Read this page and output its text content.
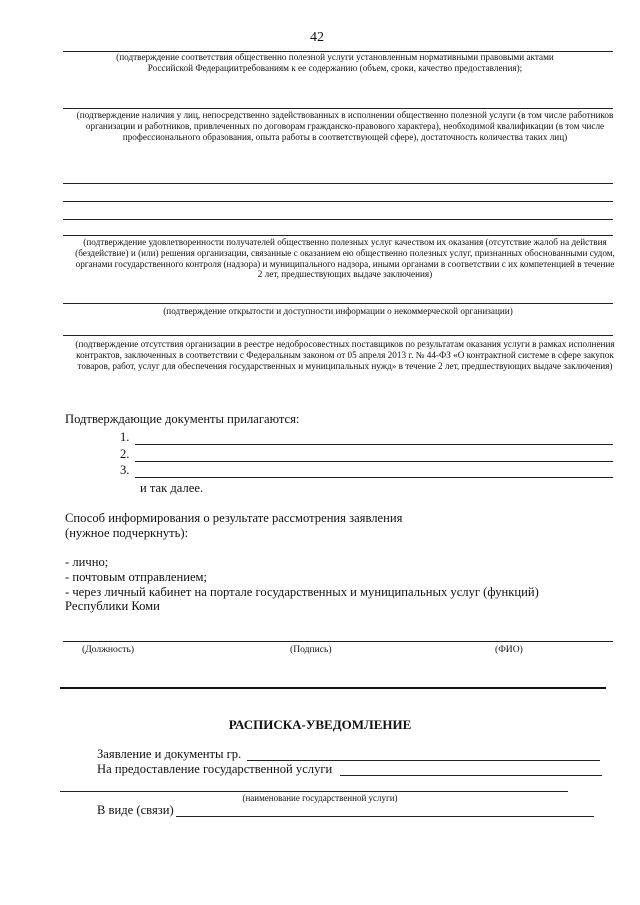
42
(подтверждение соответствия общественно полезной услуги установленным нормативными правовыми актами Российской Федерациитребованиям к ее содержанию (объем, сроки, качество предоставления);
(подтверждение наличия у лиц, непосредственно задействованных в исполнении общественно полезной услуги (в том числе работников организации и работников, привлеченных по договорам гражданско-правового характера), необходимой квалификации (в том числе профессионального образования, опыта работы в соответствующей сфере), достаточность количества таких лиц)
(подтверждение удовлетворенности получателей общественно полезных услуг качеством их оказания (отсутствие жалоб на действия (бездействие) и (или) решения организации, связанные с оказанием ею общественно полезных услуг, признанных обоснованными судом, органами государственного контроля (надзора) и муниципального надзора, иными органами в соответствии с их компетенцией в течение 2 лет, предшествующих выдаче заключения)
(подтверждение открытости и доступности информации о некоммерческой организации)
(подтверждение отсутствия организации в реестре недобросовестных поставщиков по результатам оказания услуги в рамках исполнения контрактов, заключенных в соответствии с Федеральным законом от 05 апреля 2013 г. № 44-ФЗ «О контрактной системе в сфере закупок товаров, работ, услуг для обеспечения государственных и муниципальных нужд» в течение 2 лет, предшествующих выдаче заключения)
Подтверждающие документы прилагаются:
1.
2.
3.
и так далее.
Способ информирования о результате рассмотрения заявления
(нужное подчеркнуть):
- лично;
- почтовым отправлением;
- через личный кабинет на портале государственных и муниципальных услуг (функций)
Республики Коми
(Должность)	(Подпись)	(ФИО)
РАСПИСКА-УВЕДОМЛЕНИЕ
Заявление и документы гр.
На предоставление государственной услуги
(наименование государственной услуги)
В виде (связи)
